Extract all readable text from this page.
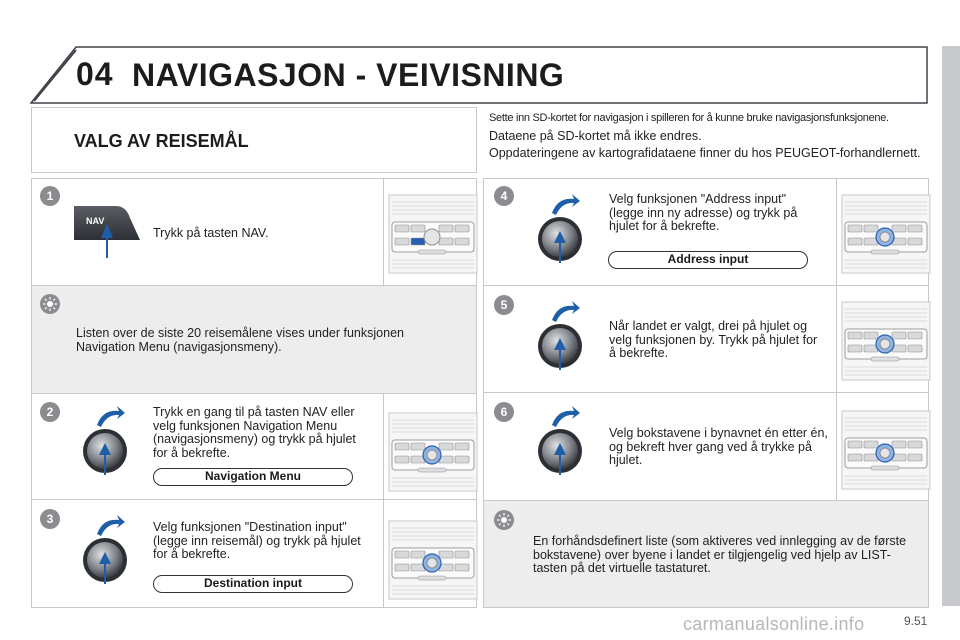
04 NAVIGASJON - VEIVISNING
VALG AV REISEMÅL

Sette inn SD-kortet for navigasjon i spilleren for å kunne bruke navigasjonsfunksjonene.

Dataene på SD-kortet må ikke endres.

Oppdateringene av kartografidataene finner du hos PEUGEOT-forhandlernett.

1
NAV
Trykk på tasten NAV.
Listen over de siste 20 reisemålene vises under funksjonen Navigation Menu (navigasjonsmeny).
2	Trykk en gang til på tasten NAV eller velg funksjonen Navigation Menu (navigasjonsmeny) og trykk på hjulet for å bekrefte.
Navigation Menu
3
Velg funksjonen "Destination input" (legge inn reisemål) og trykk på hjulet for å bekrefte.
Destination input
4	Velg funksjonen "Address input" (legge inn ny adresse) og trykk på hjulet for å bekrefte.
Address input
5
Når landet er valgt, drei på hjulet og velg funksjonen by. Trykk på hjulet for å bekrefte.
6
Velg bokstavene i bynavnet én etter én, og bekreft hver gang ved å trykke på hjulet.
En forhåndsdefinert liste (som aktiveres ved innlegging av de første bokstavene) over byene i landet er tilgjengelig ved hjelp av LIST-tasten på det virtuelle tastaturet.
carmanualsonline.info	9.51
